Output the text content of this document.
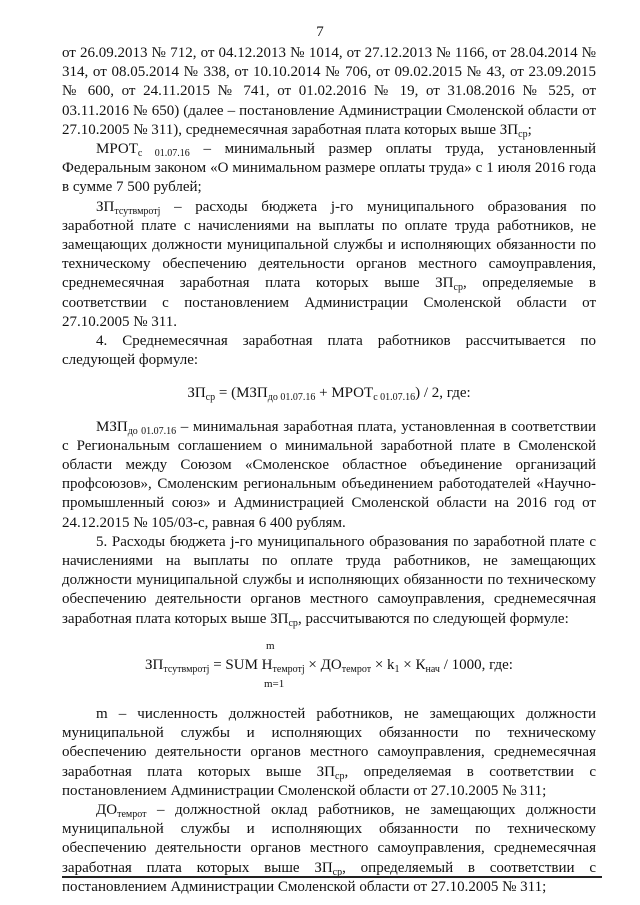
7

от 26.09.2013 № 712, от 04.12.2013 № 1014, от 27.12.2013 № 1166, от 28.04.2014 № 314, от 08.05.2014 № 338, от 10.10.2014 № 706, от 09.02.2015 № 43, от 23.09.2015 № 600, от 24.11.2015 № 741, от 01.02.2016 № 19, от 31.08.2016 № 525, от 03.11.2016 № 650) (далее – постановление Администрации Смоленской области от 27.10.2005 № 311), среднемесячная заработная плата которых выше $ЗП_{ср}$;

$МРОТ_{с 01.07.16}$ – минимальный размер оплаты труда, установленный Федеральным законом «О минимальном размере оплаты труда» с 1 июля 2016 года в сумме 7 500 рублей;

$ЗП_{тсутвмротj}$ – расходы бюджета j-го муниципального образования по заработной плате с начислениями на выплаты по оплате труда работников, не замещающих должности муниципальной службы и исполняющих обязанности по техническому обеспечению деятельности органов местного самоуправления, среднемесячная заработная плата которых выше $ЗП_{ср}$, определяемые в соответствии с постановлением Администрации Смоленской области от 27.10.2005 № 311.

4. Среднемесячная заработная плата работников рассчитывается по следующей формуле:

$ЗП_{ср} = (МЗП_{до 01.07.16}$ + $МРОТ_{с 01.07.16}) / 2$, где:

$МЗП_{до 01.07.16}$ – минимальная заработная плата, установленная в соответствии с Региональным соглашением о минимальной заработной плате в Смоленской области между Союзом «Смоленское областное объединение организаций профсоюзов», Смоленским региональным объединением работодателей «Научно-промышленный союз» и Администрацией Смоленской области на 2016 год от 24.12.2015 № 105/03-с, равная 6 400 рублям.

5. Расходы бюджета j-го муниципального образования по заработной плате с начислениями на выплаты по оплате труда работников, не замещающих должности муниципальной службы и исполняющих обязанности по техническому обеспечению деятельности органов местного самоуправления, среднемесячная заработная плата которых выше $ЗП_{ср}$, рассчитываются по следующей формуле:

m
$ЗП_{тсутвмротj}$ = SUM $Н_{темротj} \times ДО_{темрот} \times k_1 \times К_{нач} / 1000$, где:
m=1

m – численность должностей работников, не замещающих должности муниципальной службы и исполняющих обязанности по техническому обеспечению деятельности органов местного самоуправления, среднемесячная заработная плата которых выше $ЗП_{ср}$, определяемая в соответствии с постановлением Администрации Смоленской области от 27.10.2005 № 311;

$ДО_{темрот}$ – должностной оклад работников, не замещающих должности муниципальной службы и исполняющих обязанности по техническому обеспечению деятельности органов местного самоуправления, среднемесячная заработная плата которых выше $ЗП_{ср}$, определяемый в соответствии с постановлением Администрации Смоленской области от 27.10.2005 № 311;
